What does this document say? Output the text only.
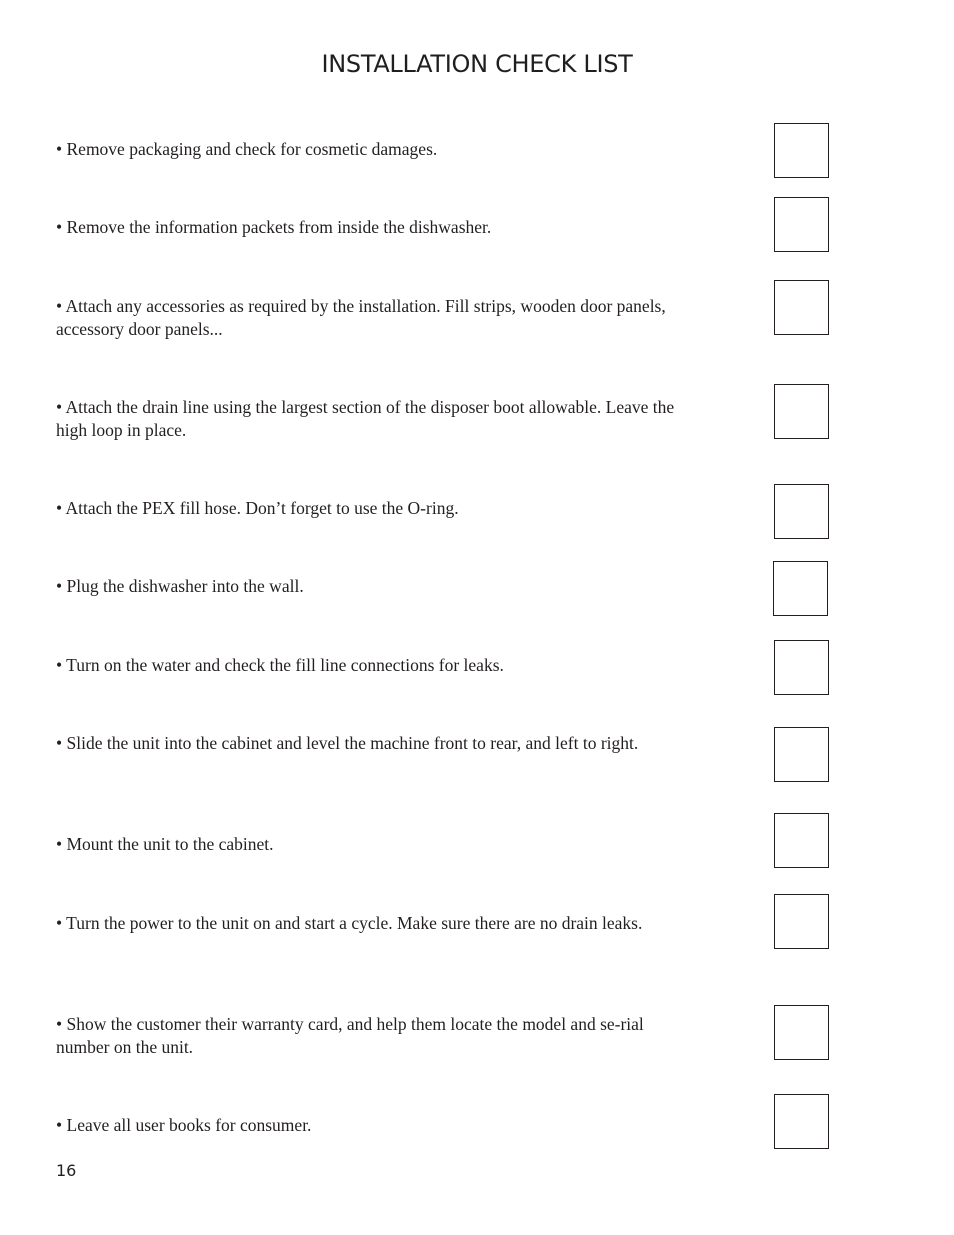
INSTALLATION CHECK LIST
• Remove packaging and check for cosmetic damages.
• Remove the information packets from inside the dishwasher.
• Attach any accessories as required by the installation. Fill strips, wooden door panels, accessory door panels...
• Attach the drain line using the largest section of the disposer boot allowable. Leave the high loop in place.
• Attach the PEX fill hose. Don’t forget to use the O-ring.
• Plug the dishwasher into the wall.
• Turn on the water and check the fill line connections for leaks.
• Slide the unit into the cabinet and level the machine front to rear, and left to right.
• Mount the unit to the cabinet.
• Turn the power to the unit on and start a cycle. Make sure there are no drain leaks.
• Show the customer their warranty card, and help them locate the model and se-rial number on the unit.
• Leave all user books for consumer.
16
